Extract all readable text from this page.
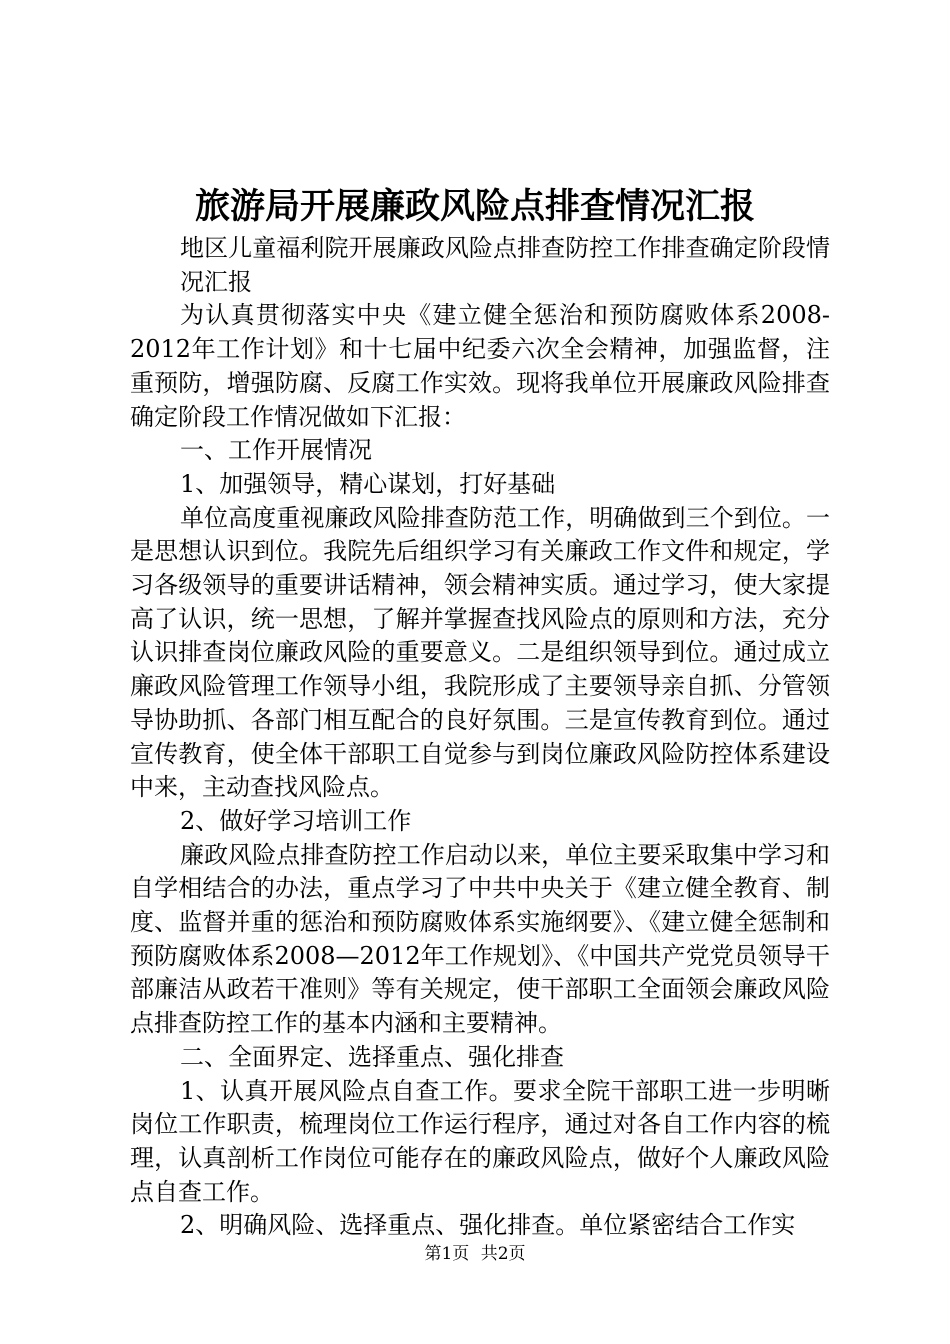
旅游局开展廉政风险点排查情况汇报

地区儿童福利院开展廉政风险点排查防控工作排查确定阶段情况汇报

为认真贯彻落实中央《建立健全惩治和预防腐败体系2008-2012年工作计划》和十七届中纪委六次全会精神，加强监督，注重预防，增强防腐、反腐工作实效。现将我单位开展廉政风险排查确定阶段工作情况做如下汇报：

一、工作开展情况

1、加强领导，精心谋划，打好基础

单位高度重视廉政风险排查防范工作，明确做到三个到位。一是思想认识到位。我院先后组织学习有关廉政工作文件和规定，学习各级领导的重要讲话精神，领会精神实质。通过学习，使大家提高了认识，统一思想，了解并掌握查找风险点的原则和方法，充分认识排查岗位廉政风险的重要意义。二是组织领导到位。通过成立廉政风险管理工作领导小组，我院形成了主要领导亲自抓、分管领导协助抓、各部门相互配合的良好氛围。三是宣传教育到位。通过宣传教育，使全体干部职工自觉参与到岗位廉政风险防控体系建设中来，主动查找风险点。

2、做好学习培训工作

廉政风险点排查防控工作启动以来，单位主要采取集中学习和自学相结合的办法，重点学习了中共中央关于《建立健全教育、制度、监督并重的惩治和预防腐败体系实施纲要》、《建立健全惩制和预防腐败体系2008—2012年工作规划》、《中国共产党党员领导干部廉洁从政若干准则》等有关规定，使干部职工全面领会廉政风险点排查防控工作的基本内涵和主要精神。

二、全面界定、选择重点、强化排查

1、认真开展风险点自查工作。要求全院干部职工进一步明晰岗位工作职责，梳理岗位工作运行程序，通过对各自工作内容的梳理，认真剖析工作岗位可能存在的廉政风险点，做好个人廉政风险点自查工作。

2、明确风险、选择重点、强化排查。单位紧密结合工作实

第1页 共2页
